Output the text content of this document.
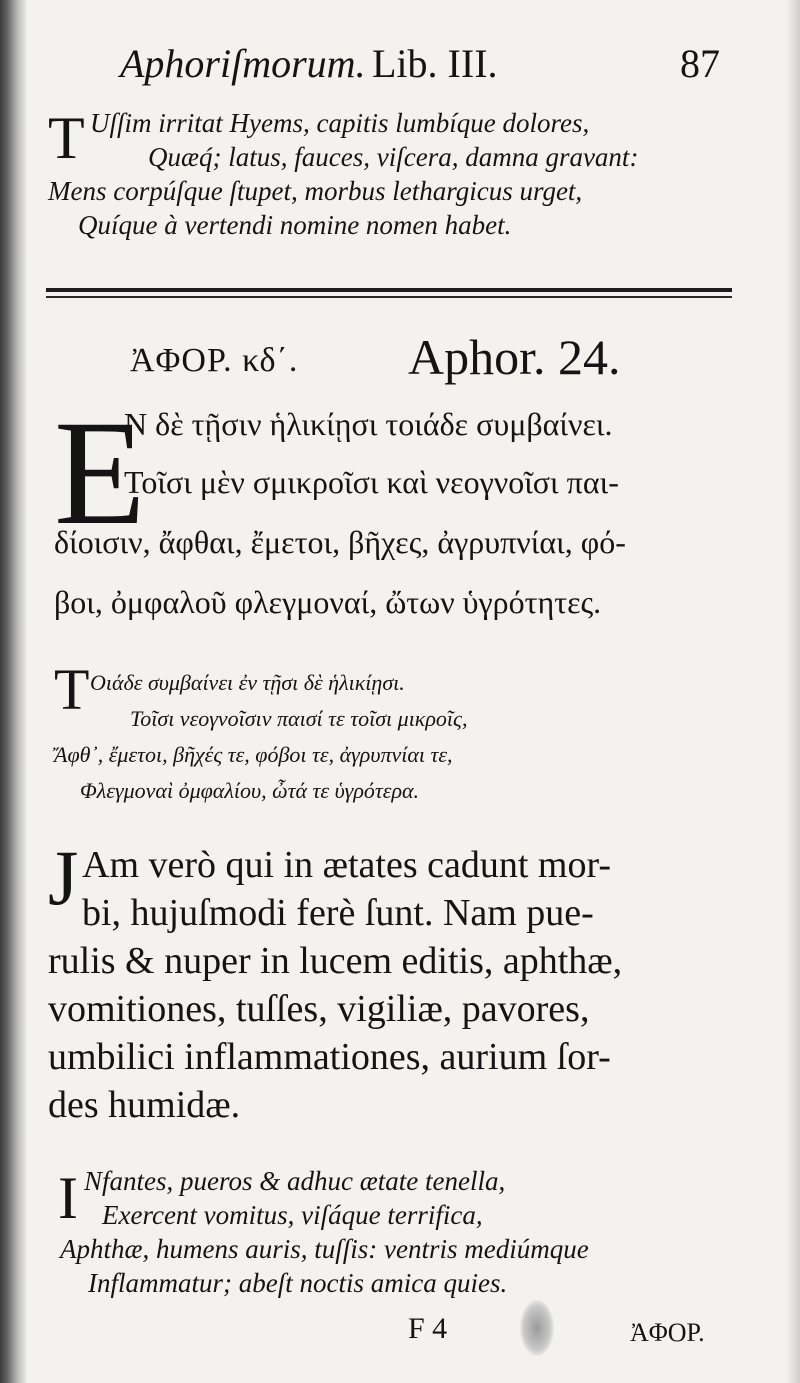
Aphoriſmorum. Lib. III.	87
T Uſſim irritat Hyems, capitis lumbíque dolores,
Quæq́; latus, fauces, viſcera, damna gravant:
Mens corpúſque ſtupet, morbus lethargicus urget,
Quíque à vertendi nomine nomen habet.
ἈΦΟΡ. κδ΄. Aphor. 24.
E
Ν δὲ τῇσιν ἡλικίῃσι τοιάδε συμβαίνει.
Τοῖσι μὲν σμικροῖσι καὶ νεογνοῖσι παι-
δίοισιν, ἄφθαι, ἔμετοι, βῆχες, ἀγρυπνίαι, φό-
βοι, ὀμφαλοῦ φλεγμοναί, ὤτων ὑγρότητες.
T Οιάδε συμβαίνει ἐν τῇσι δὲ ἡλικίῃσι.
Τοῖσι νεογνοῖσιν παισί τε τοῖσι μικροῖς,
Ἄφθ᾽, ἔμετοι, βῆχές τε, φόβοι τε, ἀγρυπνίαι τε,
Φλεγμοναὶ ὀμφαλίου, ὦτά τε ὑγρότερα.
J Am verò qui in ætates cadunt mor-
bi, hujuſmodi ferè ſunt. Nam pue-
rulis & nuper in lucem editis, aphthæ,
vomitiones, tuſſes, vigiliæ, pavores,
umbilici inflammationes, aurium ſor-
des humidæ.
I Nfantes, pueros & adhuc ætate tenella,
Exercent vomitus, viſáque terrifica,
Aphthæ, humens auris, tuſſis: ventris mediúmque
Inflammatur; abeſt noctis amica quies.
F 4	ἈΦΟΡ.
